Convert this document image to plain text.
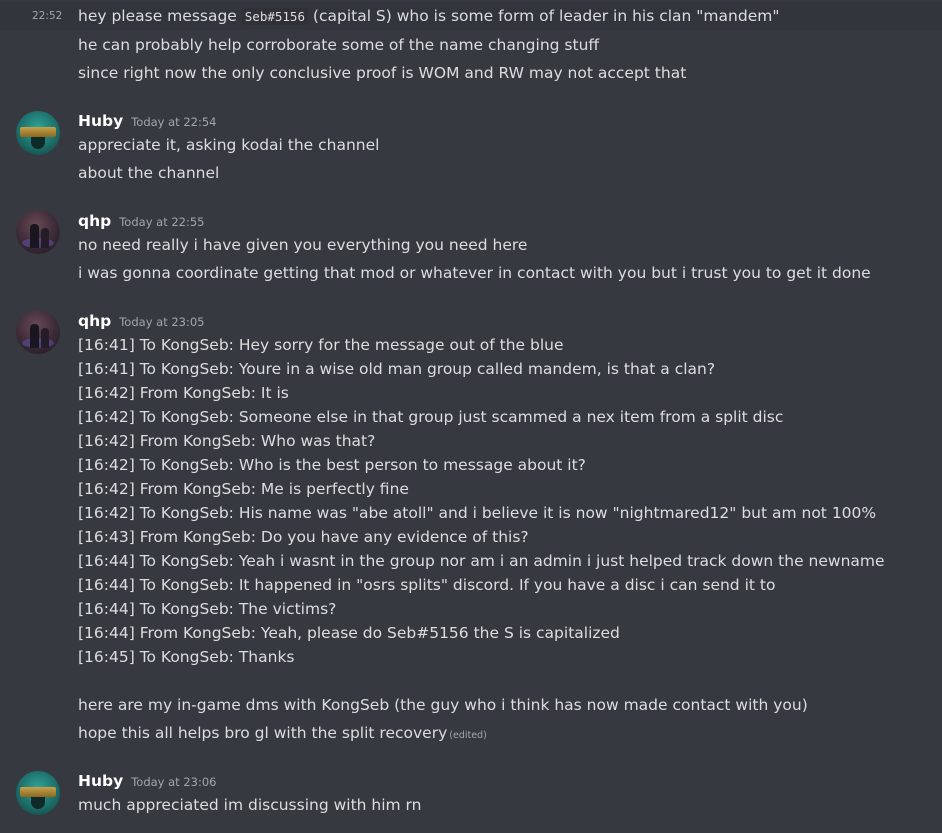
22:52 hey please message Seb#5156 (capital S) who is some form of leader in his clan "mandem"
he can probably help corroborate some of the name changing stuff
since right now the only conclusive proof is WOM and RW may not accept that
Huby Today at 22:54
appreciate it, asking kodai the channel
about the channel
qhp Today at 22:55
no need really i have given you everything you need here
i was gonna coordinate getting that mod or whatever in contact with you but i trust you to get it done
qhp Today at 23:05
[16:41] To KongSeb: Hey sorry for the message out of the blue
[16:41] To KongSeb: Youre in a wise old man group called mandem, is that a clan?
[16:42] From KongSeb: It is
[16:42] To KongSeb: Someone else in that group just scammed a nex item from a split disc
[16:42] From KongSeb: Who was that?
[16:42] To KongSeb: Who is the best person to message about it?
[16:42] From KongSeb: Me is perfectly fine
[16:42] To KongSeb: His name was "abe atoll" and i believe it is now "nightmared12" but am not 100%
[16:43] From KongSeb: Do you have any evidence of this?
[16:44] To KongSeb: Yeah i wasnt in the group nor am i an admin i just helped track down the newname
[16:44] To KongSeb: It happened in "osrs splits" discord. If you have a disc i can send it to
[16:44] To KongSeb: The victims?
[16:44] From KongSeb: Yeah, please do Seb#5156 the S is capitalized
[16:45] To KongSeb: Thanks
here are my in-game dms with KongSeb (the guy who i think has now made contact with you)
hope this all helps bro gl with the split recovery (edited)
Huby Today at 23:06
much appreciated im discussing with him rn
